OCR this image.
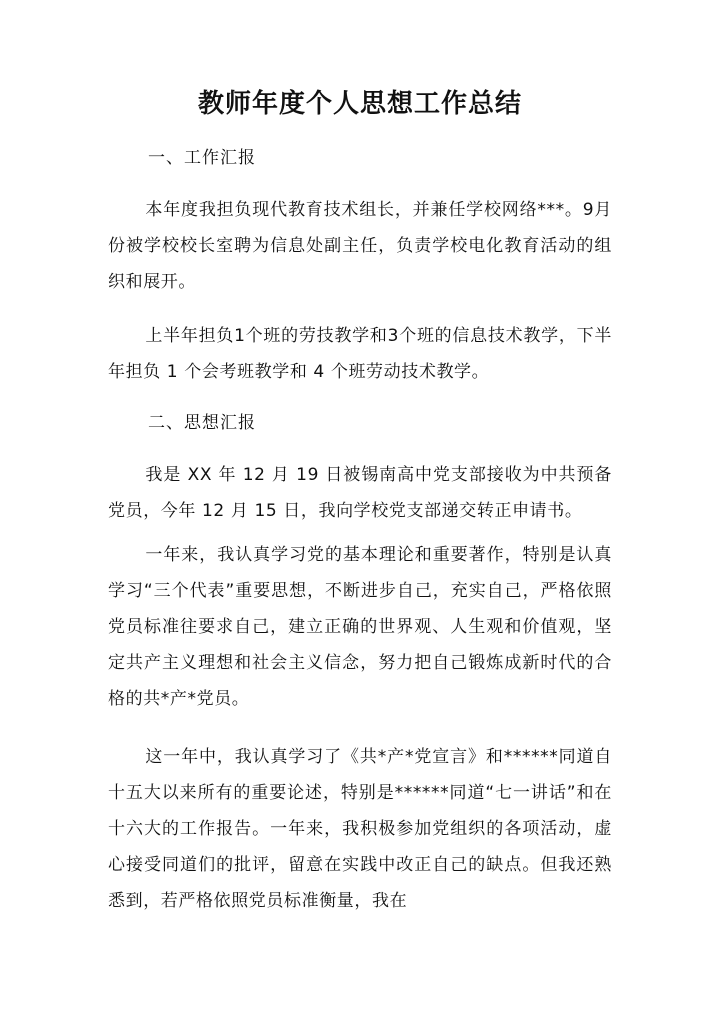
教师年度个人思想工作总结

一、工作汇报

本年度我担负现代教育技术组长，并兼任学校网络***。9月份被学校校长室聘为信息处副主任，负责学校电化教育活动的组织和展开。

上半年担负1个班的劳技教学和3个班的信息技术教学，下半年担负 1 个会考班教学和 4 个班劳动技术教学。

二、思想汇报

我是 XX 年 12 月 19 日被锡南高中党支部接收为中共预备党员，今年 12 月 15 日，我向学校党支部递交转正申请书。

一年来，我认真学习党的基本理论和重要著作，特别是认真学习“三个代表”重要思想，不断进步自己，充实自己，严格依照党员标准往要求自己，建立正确的世界观、人生观和价值观，坚定共产主义理想和社会主义信念，努力把自己锻炼成新时代的合格的共*产*党员。

这一年中，我认真学习了《共*产*党宣言》和******同道自十五大以来所有的重要论述，特别是******同道“七一讲话”和在十六大的工作报告。一年来，我积极参加党组织的各项活动，虚心接受同道们的批评，留意在实践中改正自己的缺点。但我还熟悉到，若严格依照党员标准衡量，我在
